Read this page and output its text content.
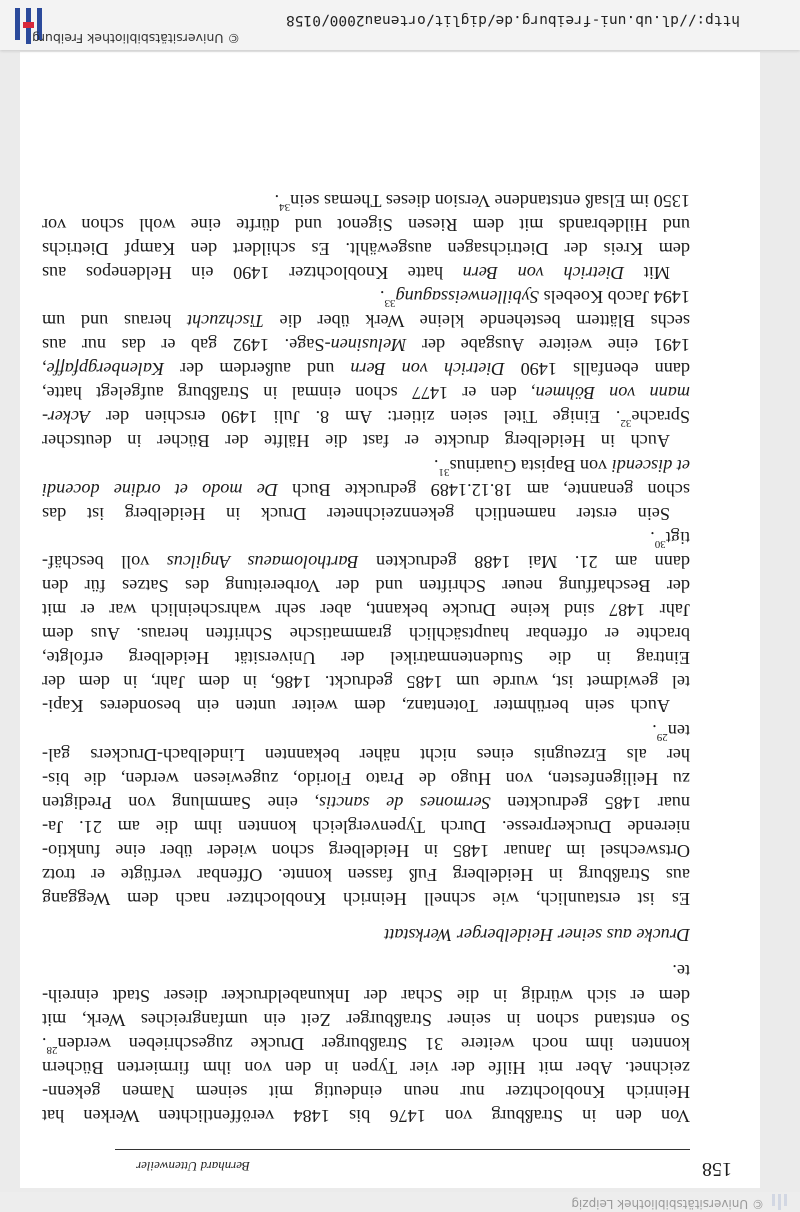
© Universitätsbibliothek Leipzig
Von den in Straßburg von 1476 bis 1484 veröffentlichten Werken hat
Heinrich Knoblochtzer nur neun eindeutig mit seinem Namen gekenn-
zeichnet. Aber mit Hilfe der vier Typen in den von ihm firmierten Büchern
konnten ihm noch weitere 31 Straßburger Drucke zugeschrieben werden$^{28}$.
So entstand schon in seiner Straßburger Zeit ein umfangreiches Werk, mit
dem er sich würdig in die Schar der Inkunabeldrucker dieser Stadt einreih-
te.
Drucke aus seiner Heidelberger Werkstatt
Es ist erstaunlich, wie schnell Heinrich Knoblochtzer nach dem Weggang
aus Straßburg in Heidelberg Fuß fassen konnte. Offenbar verfügte er trotz
Ortswechsel im Januar 1485 in Heidelberg schon wieder über eine funktio-
nierende Druckerpresse. Durch Typenvergleich konnten ihm die am 21. Ja-
nuar 1485 gedruckten Sermones de sanctis, eine Sammlung von Predigten
zu Heiligenfesten, von Hugo de Prato Florido, zugewiesen werden, die bis-
her als Erzeugnis eines nicht näher bekannten Lindelbach-Druckers gal-
ten$^{29}$.
Auch sein berühmter Totentanz, dem weiter unten ein besonderes Kapi-
tel gewidmet ist, wurde um 1485 gedruckt. 1486, in dem Jahr, in dem der
Eintrag in die Studentenmatrikel der Universität Heidelberg erfolgte,
brachte er offenbar hauptsächlich grammatische Schriften heraus. Aus dem
Jahr 1487 sind keine Drucke bekannt, aber sehr wahrscheinlich war er mit
der Beschaffung neuer Schriften und der Vorbereitung des Satzes für den
dann am 21. Mai 1488 gedruckten Bartholomaeus Angilcus voll beschäf-
tigt$^{30}$.
Sein erster namentlich gekennzeichneter Druck in Heidelberg ist das
schon genannte, am 18.12.1489 gedruckte Buch De modo et ordine docendi
et discendi von Bapista Guarinus$^{31}$.
Auch in Heidelberg druckte er fast die Hälfte der Bücher in deutscher
Sprache$^{32}$. Einige Titel seien zitiert: Am 8. Juli 1490 erschien der Acker-
mann von Böhmen, den er 1477 schon einmal in Straßburg aufgelegt hatte,
dann ebenfalls 1490 Dietrich von Bern und außerdem der Kalenbergpfaffe,
1491 eine weitere Ausgabe der Melusinen-Sage. 1492 gab er das nur aus
sechs Blättern bestehende kleine Werk über die Tischzucht heraus und um
1494 Jacob Koebels Sybillenweissagung$^{33}$.
Mit Dietrich von Bern hatte Knoblochtzer 1490 ein Heldenepos aus
dem Kreis der Dietrichsagen ausgewählt. Es schildert den Kampf Dietrichs
und Hildebrands mit dem Riesen Sigenot und dürfte eine wohl schon vor
1350 im Elsaß entstandene Version dieses Themas sein$^{34}$.
158
Bernhard Uttenweiler
http://dl.ub.uni-freiburg.de/diglit/ortenau2000/0158
© Universitätsbibliothek Freiburg
